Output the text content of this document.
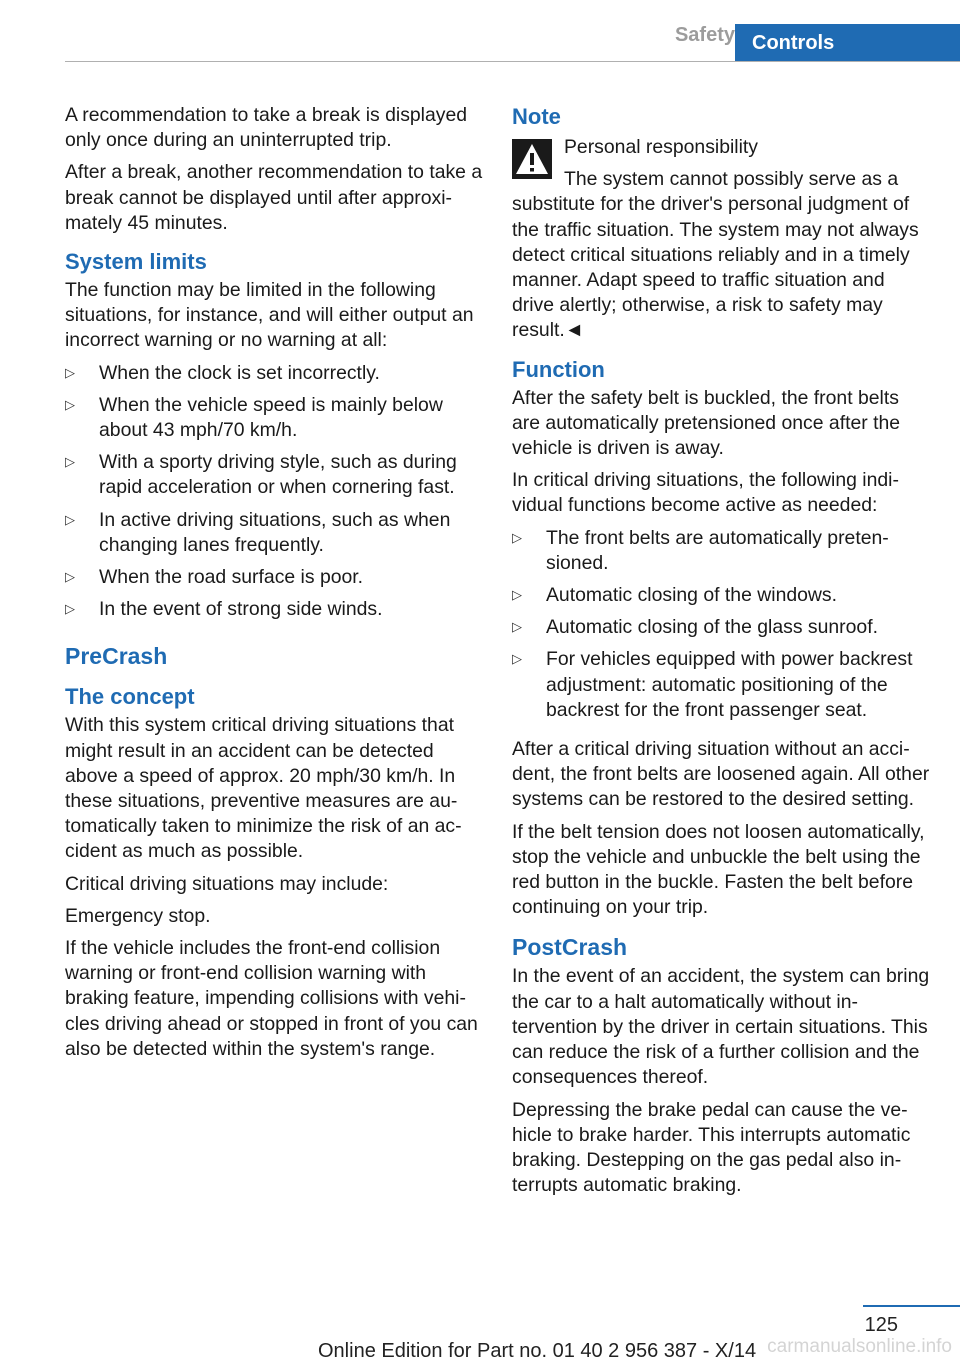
Safety Controls

A recommendation to take a break is displayed only once during an uninterrupted trip.

After a break, another recommendation to take a break cannot be displayed until after approximately 45 minutes.

System limits

The function may be limited in the following situations, for instance, and will either output an incorrect warning or no warning at all:

▷ When the clock is set incorrectly.
▷ When the vehicle speed is mainly below about 43 mph/70 km/h.
▷ With a sporty driving style, such as during rapid acceleration or when cornering fast.
▷ In active driving situations, such as when changing lanes frequently.
▷ When the road surface is poor.
▷ In the event of strong side winds.
PreCrash
The concept

With this system critical driving situations that might result in an accident can be detected above a speed of approx. 20 mph/30 km/h. In these situations, preventive measures are automatically taken to minimize the risk of an accident as much as possible.

Critical driving situations may include:

Emergency stop.

If the vehicle includes the front-end collision warning or front-end collision warning with braking feature, impending collisions with vehicles driving ahead or stopped in front of you can also be detected within the system's range.

Note

Personal responsibility

The system cannot possibly serve as a substitute for the driver's personal judgment of the traffic situation. The system may not always detect critical situations reliably and in a timely manner. Adapt speed to traffic situation and drive alertly; otherwise, a risk to safety may result.◄

Function

After the safety belt is buckled, the front belts are automatically pretensioned once after the vehicle is driven is away.

In critical driving situations, the following individual functions become active as needed:

▷ The front belts are automatically pretensioned.
▷ Automatic closing of the windows.
▷ Automatic closing of the glass sunroof.
▷ For vehicles equipped with power backrest adjustment: automatic positioning of the backrest for the front passenger seat.

After a critical driving situation without an accident, the front belts are loosened again. All other systems can be restored to the desired setting.

If the belt tension does not loosen automatically, stop the vehicle and unbuckle the belt using the red button in the buckle. Fasten the belt before continuing on your trip.

PostCrash

In the event of an accident, the system can bring the car to a halt automatically without intervention by the driver in certain situations. This can reduce the risk of a further collision and the consequences thereof.

Depressing the brake pedal can cause the vehicle to brake harder. This interrupts automatic braking. Destepping on the gas pedal also interrupts automatic braking.

125
carmanualsonline.info
Online Edition for Part no. 01 40 2 956 387 - X/14
